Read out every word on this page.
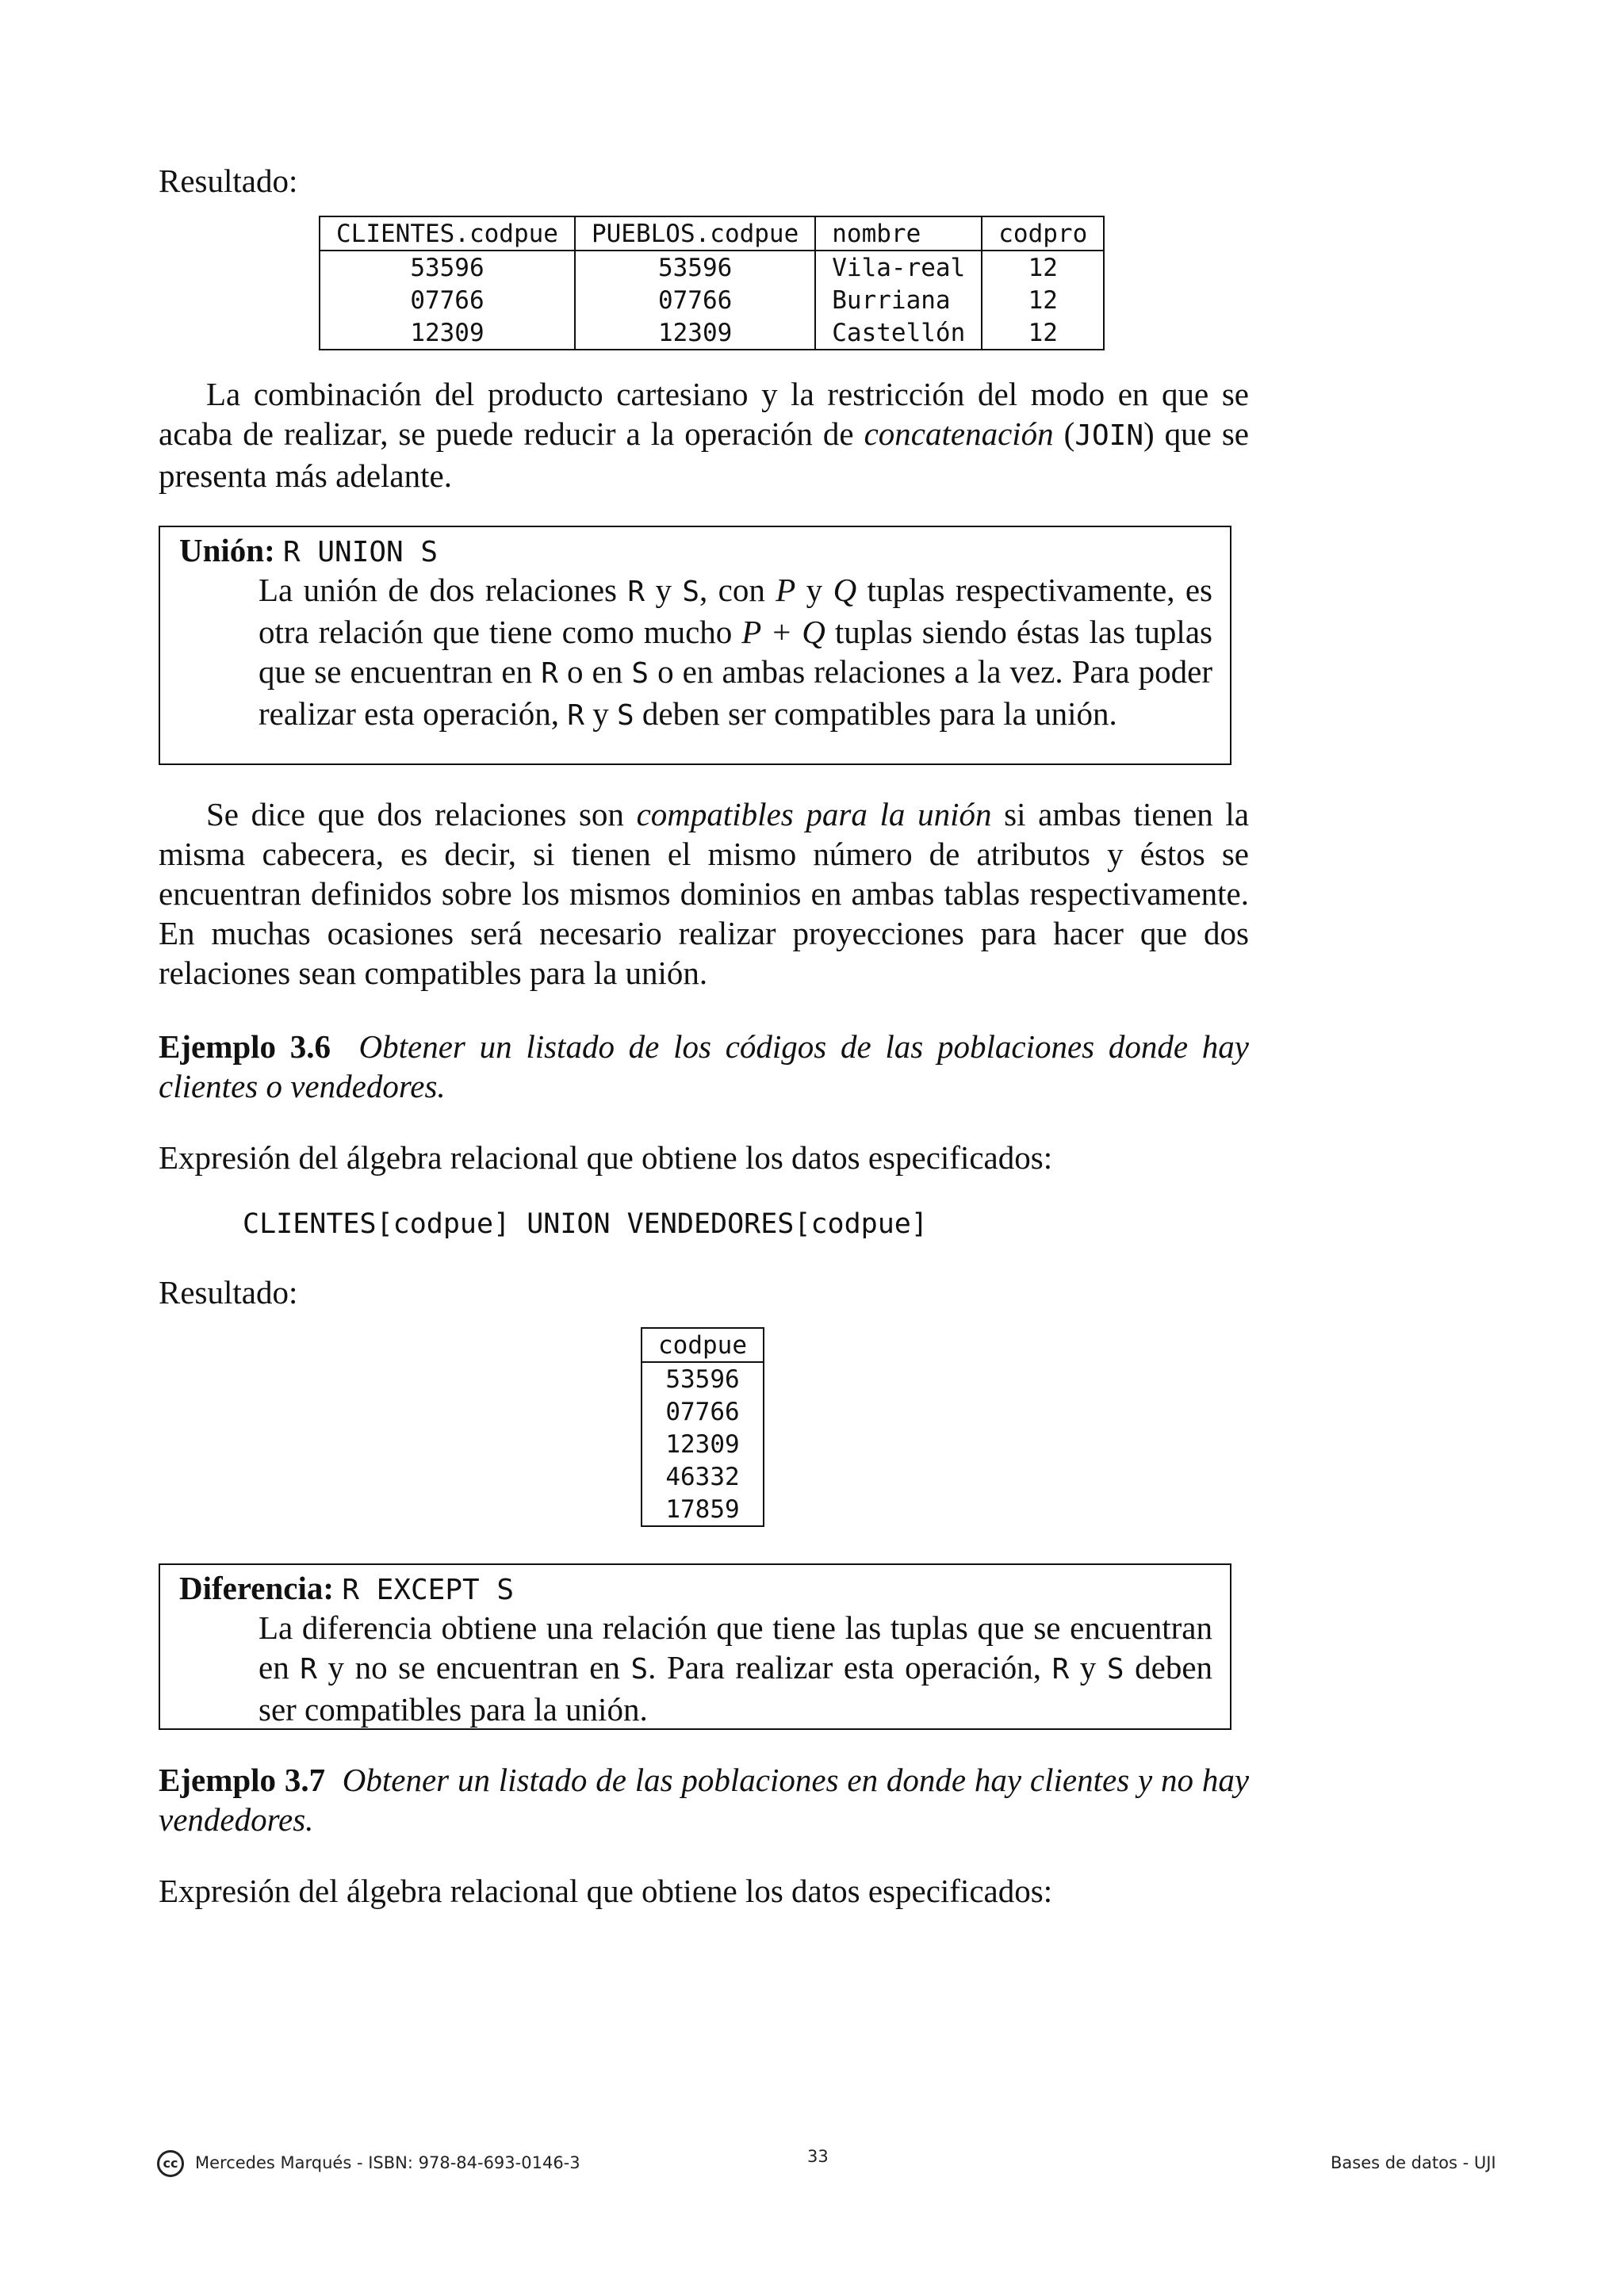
Resultado:
CLIENTES.codpue	PUEBLOS.codpue	nombre	codpro
53596	53596	Vila-real	12
07766	07766	Burriana	12
12309	12309	Castellón	12
La combinación del producto cartesiano y la restricción del modo en que se acaba de realizar, se puede reducir a la operación de concatenación (JOIN) que se presenta más adelante.
Unión: R UNION S
La unión de dos relaciones R y S, con P y Q tuplas respectivamente, es otra relación que tiene como mucho P + Q tuplas siendo éstas las tuplas que se encuentran en R o en S o en ambas relaciones a la vez. Para poder realizar esta operación, R y S deben ser compatibles para la unión.
Se dice que dos relaciones son compatibles para la unión si ambas tienen la misma cabecera, es decir, si tienen el mismo número de atributos y éstos se encuentran definidos sobre los mismos dominios en ambas tablas respectivamente. En muchas ocasiones será necesario realizar proyecciones para hacer que dos relaciones sean compatibles para la unión.
Ejemplo 3.6 Obtener un listado de los códigos de las poblaciones donde hay clientes o vendedores.
Expresión del álgebra relacional que obtiene los datos especificados:
CLIENTES[codpue] UNION VENDEDORES[codpue]
Resultado:
codpue
53596
07766
12309
46332
17859
Diferencia: R EXCEPT S
La diferencia obtiene una relación que tiene las tuplas que se encuentran en R y no se encuentran en S. Para realizar esta operación, R y S deben ser compatibles para la unión.
Ejemplo 3.7 Obtener un listado de las poblaciones en donde hay clientes y no hay vendedores.
Expresión del álgebra relacional que obtiene los datos especificados:
cc	Mercedes Marqués - ISBN: 978-84-693-0146-3	33	Bases de datos - UJI
